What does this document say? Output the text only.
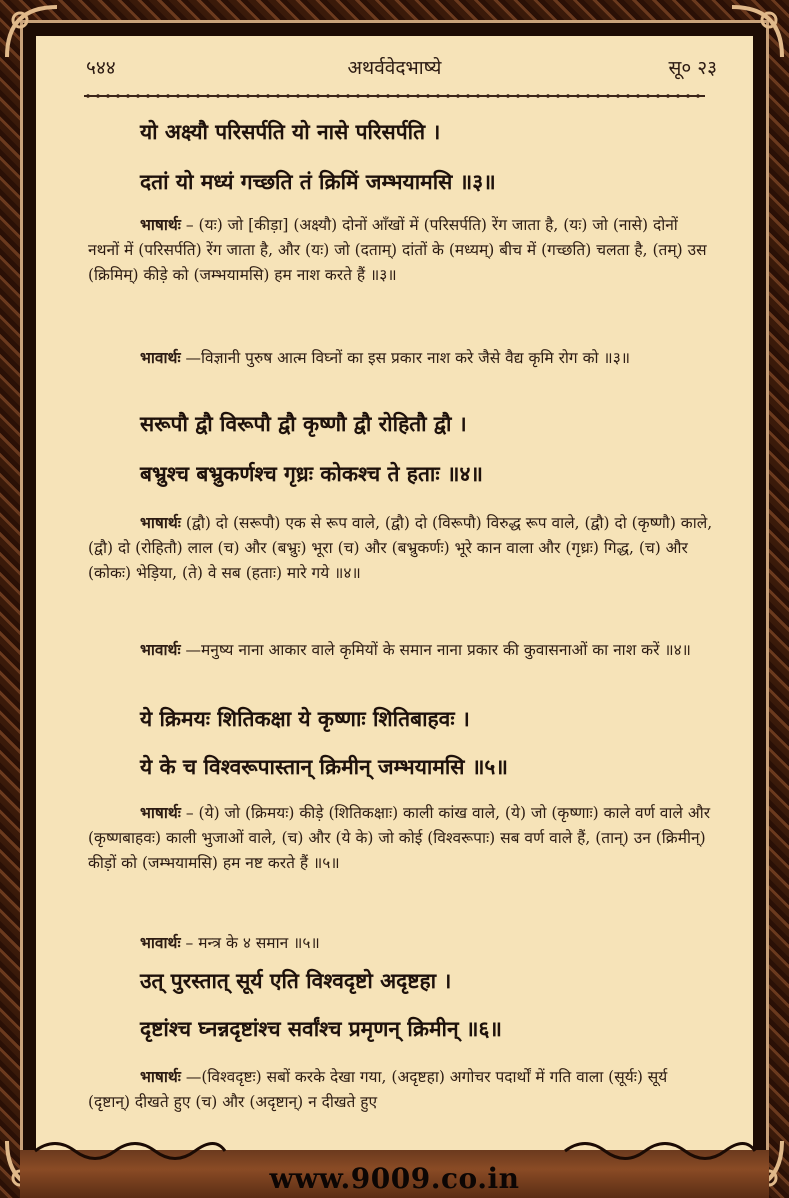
५४४	अथर्ववेदभाष्ये	सू० २३
यो अक्ष्यौ परिसर्पति यो नासे परिसर्पति ।
दतां यो मध्यं गच्छति तं क्रिमिं जम्भयामसि ॥३॥
भाषार्थः – (यः) जो [कीड़ा] (अक्ष्यौ) दोनों आँखों में (परिसर्पति) रेंग जाता है, (यः) जो (नासे) दोनों नथनों में (परिसर्पति) रेंग जाता है, और (यः) जो (दताम्) दांतों के (मध्यम्) बीच में (गच्छति) चलता है, (तम्) उस (क्रिमिम्) कीड़े को (जम्भयामसि) हम नाश करते हैं ॥३॥
भावार्थः —विज्ञानी पुरुष आत्म विघ्नों का इस प्रकार नाश करे जैसे वैद्य कृमि रोग को ॥३॥
सरूपौ द्वौ विरूपौ द्वौ कृष्णौ द्वौ रोहितौ द्वौ ।
बभ्रुश्च बभ्रुकर्णश्च गृध्रः कोकश्च ते हताः ॥४॥
भाषार्थः (द्वौ) दो (सरूपौ) एक से रूप वाले, (द्वौ) दो (विरूपौ) विरुद्ध रूप वाले, (द्वौ) दो (कृष्णौ) काले, (द्वौ) दो (रोहितौ) लाल (च) और (बभ्रुः) भूरा (च) और (बभ्रुकर्णः) भूरे कान वाला और (गृध्रः) गिद्ध, (च) और (कोकः) भेड़िया, (ते) वे सब (हताः) मारे गये ॥४॥
भावार्थः —मनुष्य नाना आकार वाले कृमियों के समान नाना प्रकार की कुवासनाओं का नाश करें ॥४॥
ये क्रिमयः शितिकक्षा ये कृष्णाः शितिबाहवः ।
ये के च विश्वरूपास्तान् क्रिमीन् जम्भयामसि ॥५॥
भाषार्थः – (ये) जो (क्रिमयः) कीड़े (शितिकक्षाः) काली कांख वाले, (ये) जो (कृष्णाः) काले वर्ण वाले और (कृष्णबाहवः) काली भुजाओं वाले, (च) और (ये के) जो कोई (विश्वरूपाः) सब वर्ण वाले हैं, (तान्) उन (क्रिमीन्) कीड़ों को (जम्भयामसि) हम नष्ट करते हैं ॥५॥
भावार्थः – मन्त्र के ४ समान ॥५॥
उत् पुरस्तात् सूर्य एति विश्वदृष्टो अदृष्टहा ।
दृष्टांश्च घ्नन्नदृष्टांश्च सर्वांश्च प्रमृणन् क्रिमीन् ॥६॥
भाषार्थः —(विश्वदृष्टः) सबों करके देखा गया, (अदृष्टहा) अगोचर पदार्थों में गति वाला (सूर्यः) सूर्य (दृष्टान्) दीखते हुए (च) और (अदृष्टान्) न दीखते हुए
www.9009.co.in
